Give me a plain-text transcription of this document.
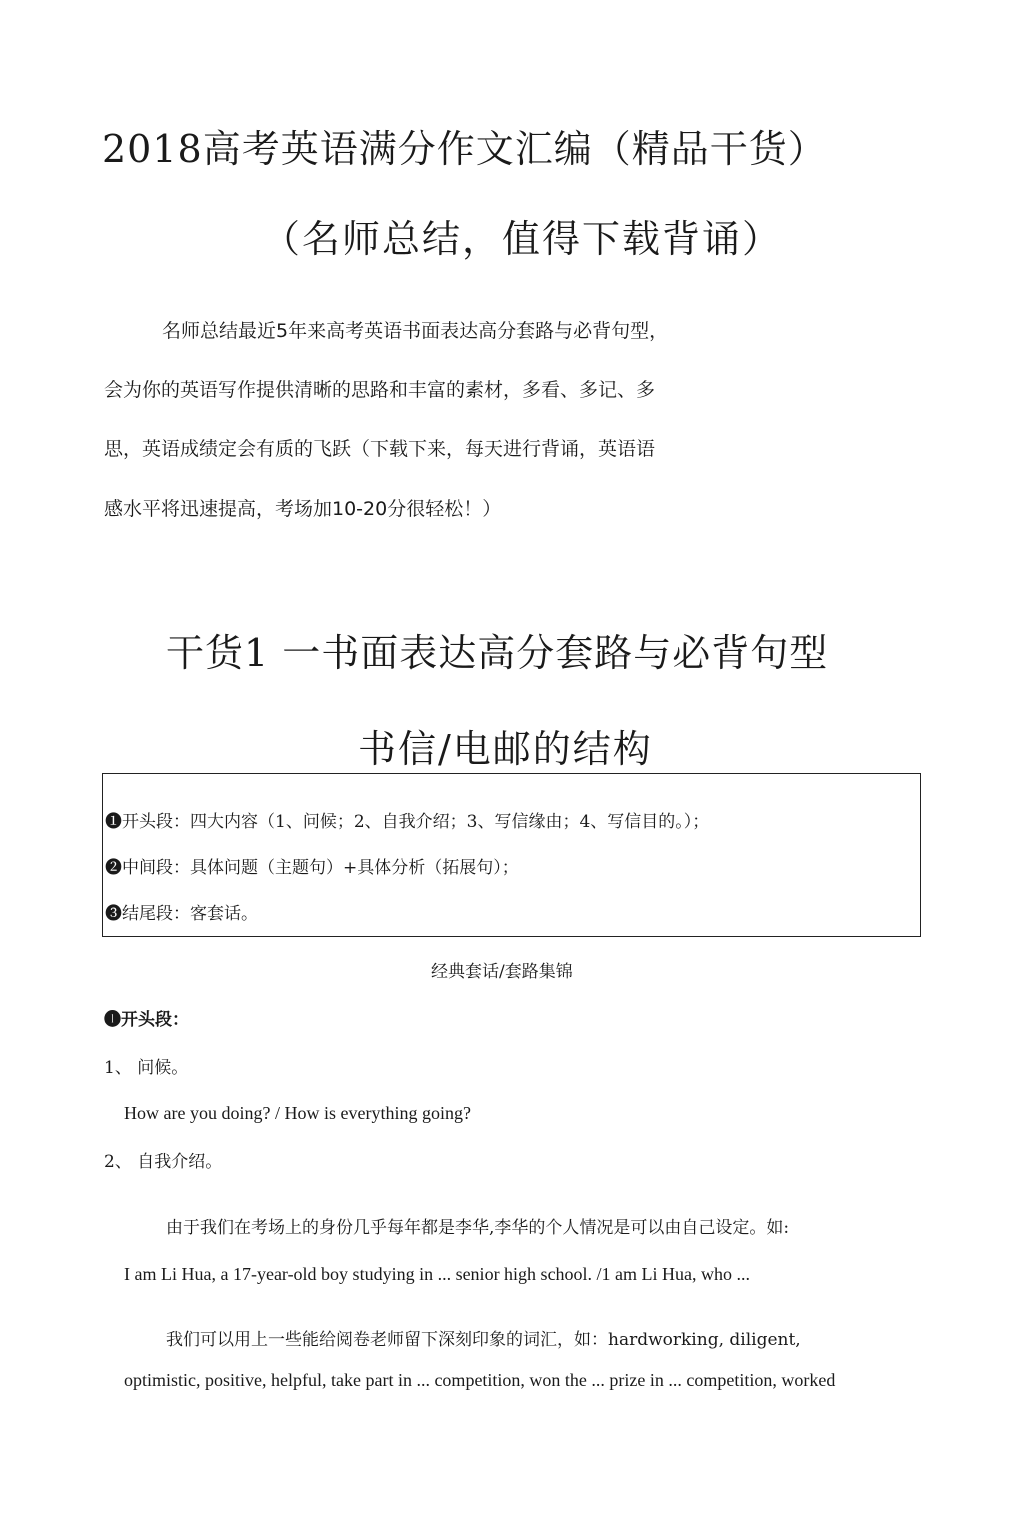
2018高考英语满分作文汇编（精品干货）
（名师总结，值得下载背诵）
名师总结最近5年来高考英语书面表达高分套路与必背句型，
会为你的英语写作提供清晰的思路和丰富的素材，多看、多记、多
思，英语成绩定会有质的飞跃（下载下来，每天进行背诵，英语语
感水平将迅速提高，考场加10-20分很轻松！）
干货1 一书面表达高分套路与必背句型
书信/电邮的结构
❶开头段：四大内容（1、问候；2、自我介绍；3、写信缘由；4、写信目的。）；
❷中间段：具体问题（主题句）+具体分析（拓展句）；
❸结尾段：客套话。
经典套话/套路集锦
❶开头段：
1、 问候。
How are you doing? / How is everything going?
2、 自我介绍。
由于我们在考场上的身份几乎每年都是李华,李华的个人情况是可以由自己设定。如:
I am Li Hua, a 17-year-old boy studying in ... senior high school. /1 am Li Hua, who ...
我们可以用上一些能给阅卷老师留下深刻印象的词汇，如：hardworking, diligent,
optimistic, positive, helpful, take part in ... competition, won the ... prize in ... competition, worked
